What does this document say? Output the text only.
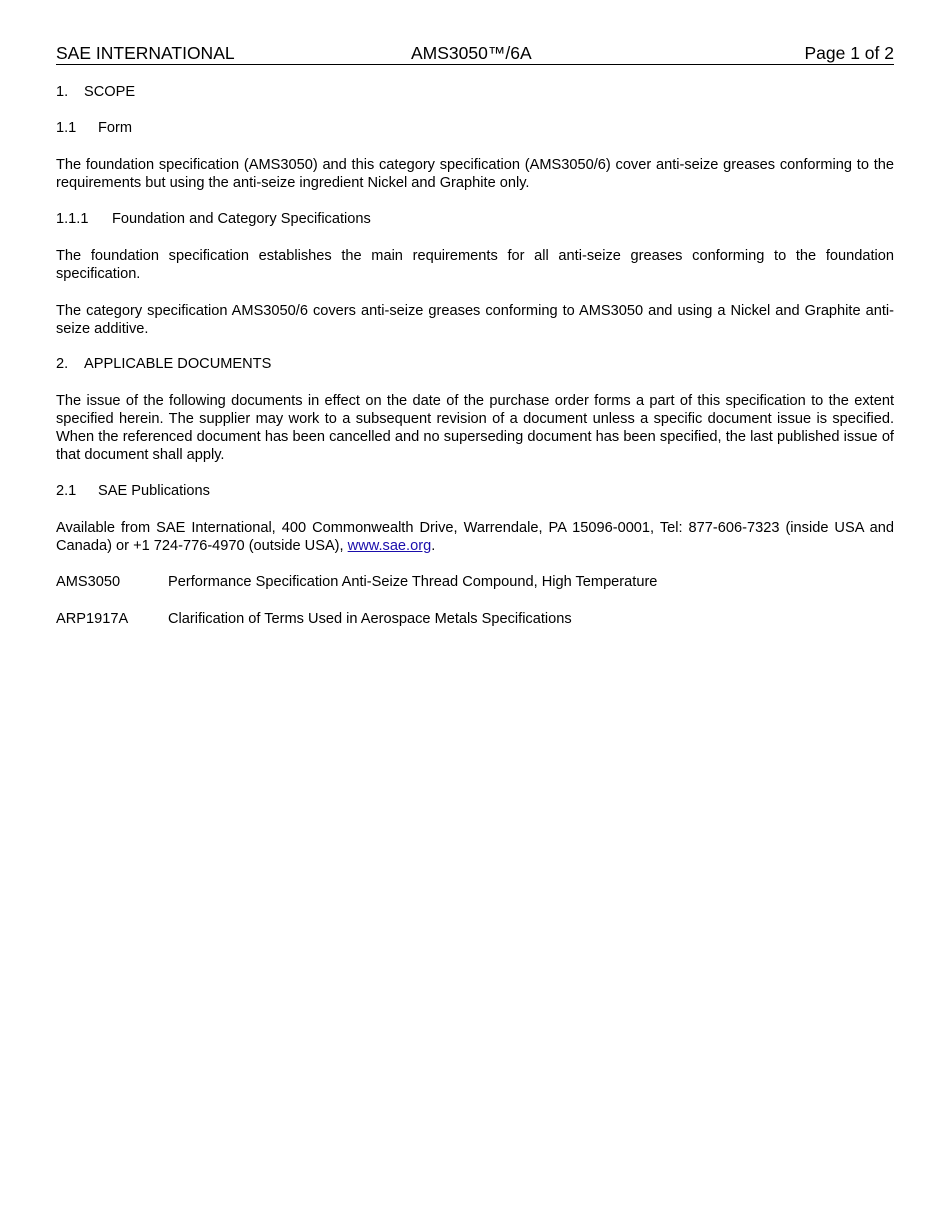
SAE INTERNATIONAL	AMS3050™/6A	Page 1 of 2
1.	SCOPE
1.1	Form
The foundation specification (AMS3050) and this category specification (AMS3050/6) cover anti-seize greases conforming to the requirements but using the anti-seize ingredient Nickel and Graphite only.
1.1.1	Foundation and Category Specifications
The foundation specification establishes the main requirements for all anti-seize greases conforming to the foundation specification.
The category specification AMS3050/6 covers anti-seize greases conforming to AMS3050 and using a Nickel and Graphite anti-seize additive.
2.	APPLICABLE DOCUMENTS
The issue of the following documents in effect on the date of the purchase order forms a part of this specification to the extent specified herein. The supplier may work to a subsequent revision of a document unless a specific document issue is specified. When the referenced document has been cancelled and no superseding document has been specified, the last published issue of that document shall apply.
2.1	SAE Publications
Available from SAE International, 400 Commonwealth Drive, Warrendale, PA 15096-0001, Tel: 877-606-7323 (inside USA and Canada) or +1 724-776-4970 (outside USA), www.sae.org.
AMS3050	Performance Specification Anti-Seize Thread Compound, High Temperature
ARP1917A	Clarification of Terms Used in Aerospace Metals Specifications
